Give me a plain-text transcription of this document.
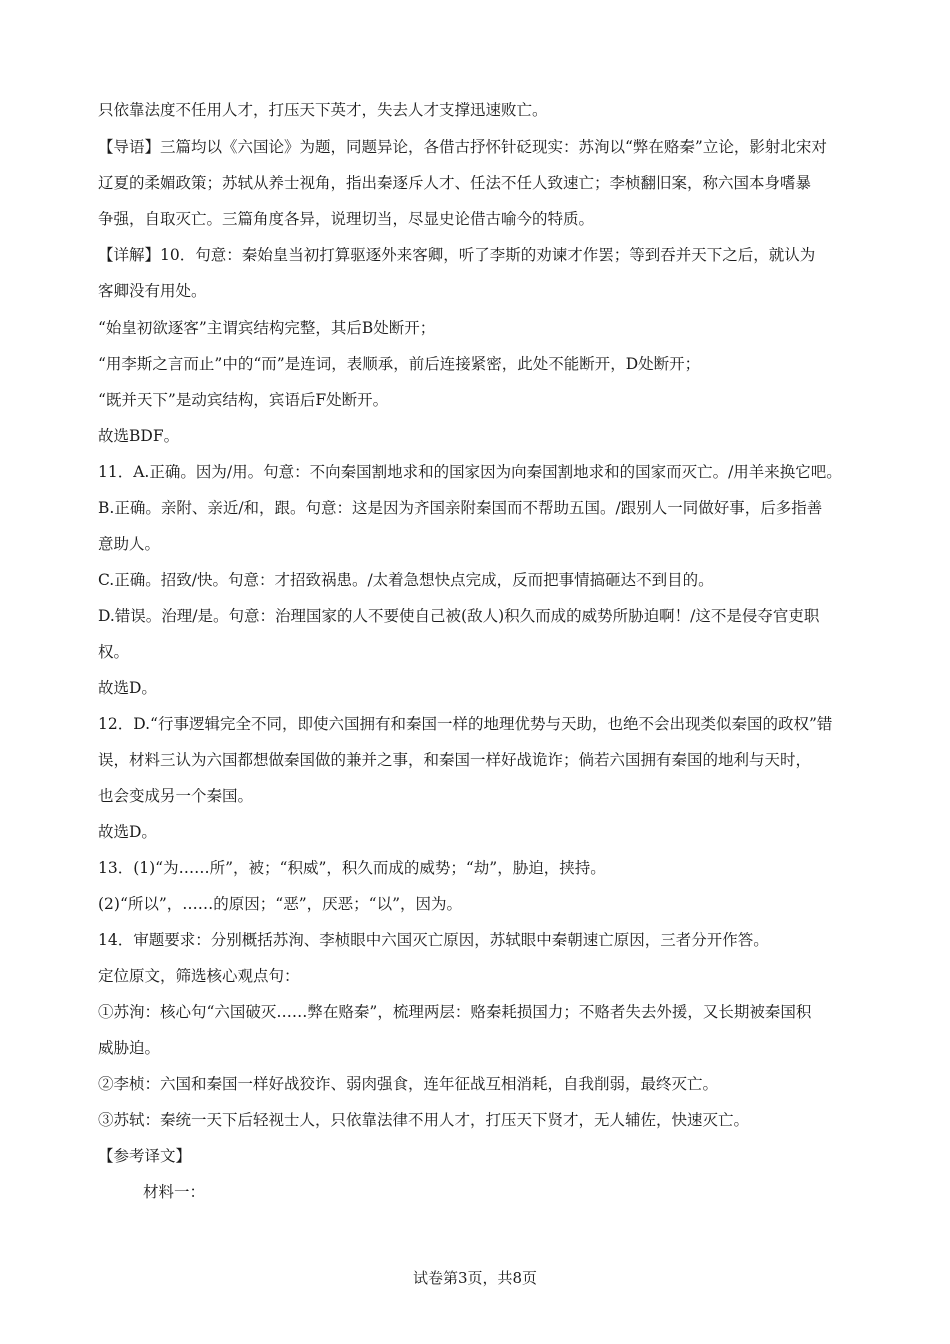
只依靠法度不任用人才，打压天下英才，失去人才支撑迅速败亡。
【导语】三篇均以《六国论》为题，同题异论，各借古抒怀针砭现实：苏洵以“弊在赂秦”立论，影射北宋对
辽夏的柔媚政策；苏轼从养士视角，指出秦逐斥人才、任法不任人致速亡；李桢翻旧案，称六国本身嗜暴
争强，自取灭亡。三篇角度各异，说理切当，尽显史论借古喻今的特质。
【详解】10．句意：秦始皇当初打算驱逐外来客卿，听了李斯的劝谏才作罢；等到吞并天下之后，就认为
客卿没有用处。
“始皇初欲逐客”主谓宾结构完整，其后B处断开；
“用李斯之言而止”中的“而”是连词，表顺承，前后连接紧密，此处不能断开，D处断开；
“既并天下”是动宾结构，宾语后F处断开。
故选BDF。
11．A.正确。因为/用。句意：不向秦国割地求和的国家因为向秦国割地求和的国家而灭亡。/用羊来换它吧。
B.正确。亲附、亲近/和，跟。句意：这是因为齐国亲附秦国而不帮助五国。/跟别人一同做好事，后多指善
意助人。
C.正确。招致/快。句意：才招致祸患。/太着急想快点完成，反而把事情搞砸达不到目的。
D.错误。治理/是。句意：治理国家的人不要使自己被(敌人)积久而成的威势所胁迫啊！/这不是侵夺官吏职
权。
故选D。
12．D.“行事逻辑完全不同，即使六国拥有和秦国一样的地理优势与天助，也绝不会出现类似秦国的政权”错
误，材料三认为六国都想做秦国做的兼并之事，和秦国一样好战诡诈；倘若六国拥有秦国的地利与天时，
也会变成另一个秦国。
故选D。
13．(1)“为……所”，被；“积威”，积久而成的威势；“劫”，胁迫，挟持。
(2)“所以”，……的原因；“恶”，厌恶；“以”，因为。
14．审题要求：分别概括苏洵、李桢眼中六国灭亡原因，苏轼眼中秦朝速亡原因，三者分开作答。
定位原文，筛选核心观点句：
①苏洵：核心句“六国破灭……弊在赂秦”，梳理两层：赂秦耗损国力；不赂者失去外援，又长期被秦国积
威胁迫。
②李桢：六国和秦国一样好战狡诈、弱肉强食，连年征战互相消耗，自我削弱，最终灭亡。
③苏轼：秦统一天下后轻视士人，只依靠法律不用人才，打压天下贤才，无人辅佐，快速灭亡。
【参考译文】
材料一：
试卷第3页，共8页
